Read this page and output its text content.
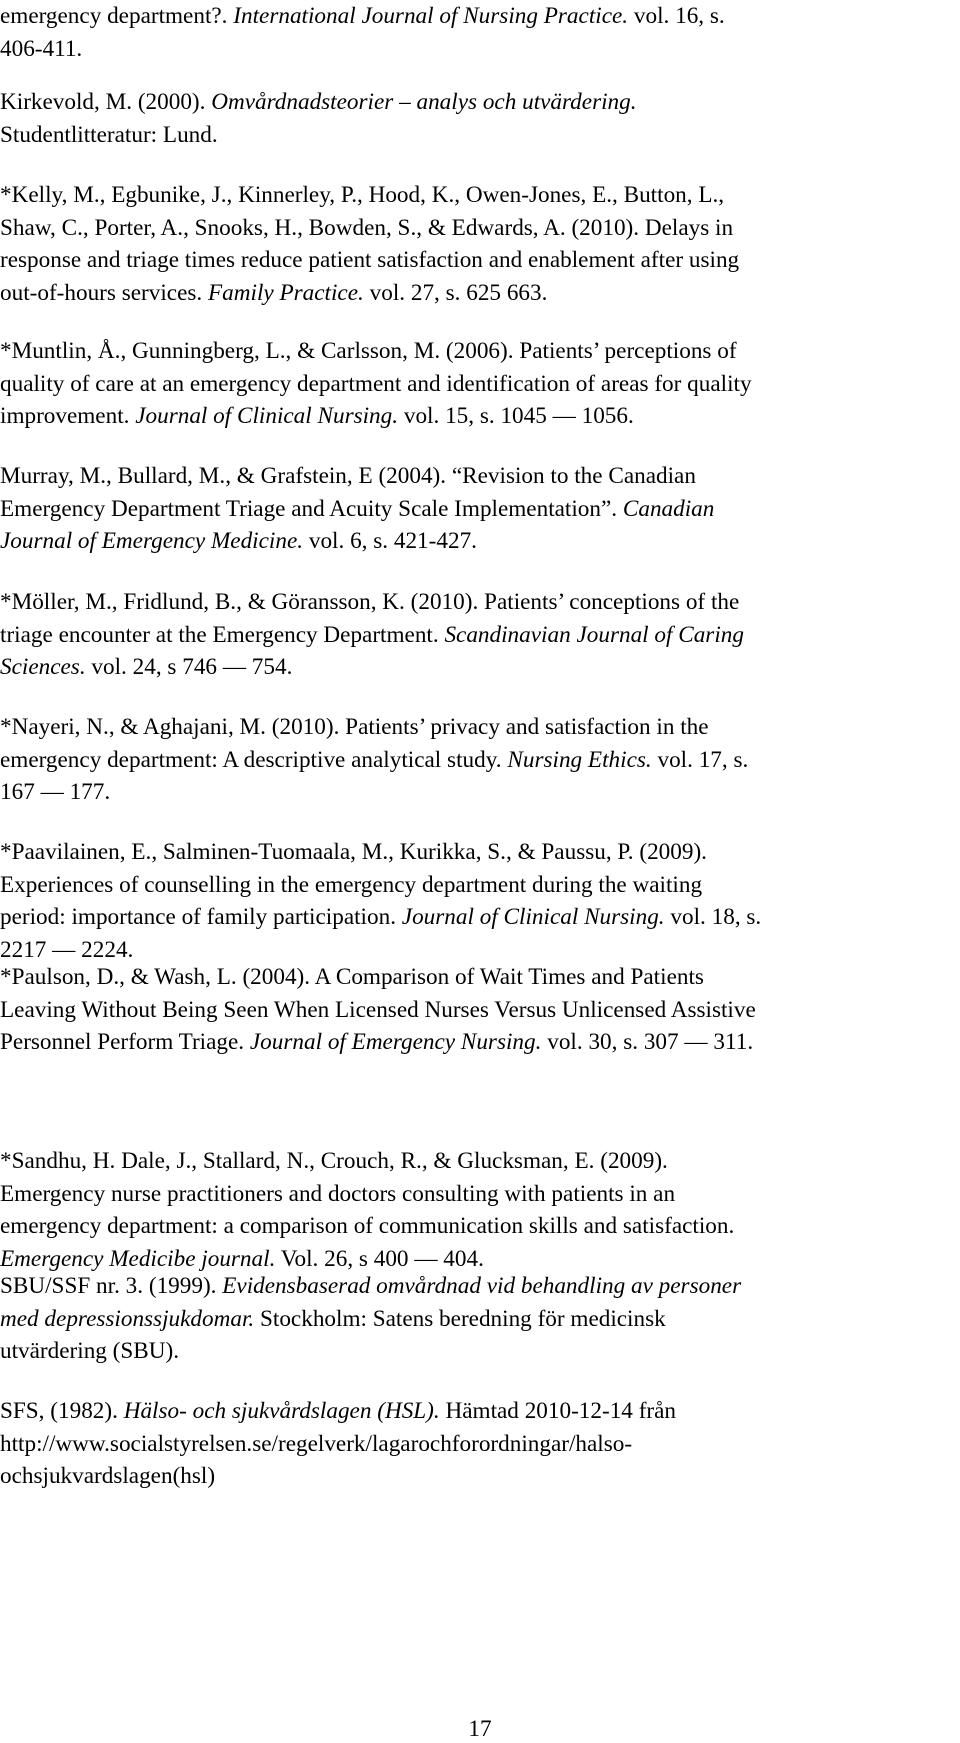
emergency department?. International Journal of Nursing Practice. vol. 16, s.
406-411.
Kirkevold, M. (2000). Omvårdnadsteorier – analys och utvärdering.
Studentlitteratur: Lund.
*Kelly, M., Egbunike, J., Kinnerley, P., Hood, K., Owen-Jones, E., Button, L.,
Shaw, C., Porter, A., Snooks, H., Bowden, S., & Edwards, A. (2010). Delays in
response and triage times reduce patient satisfaction and enablement after using
out-of-hours services. Family Practice. vol. 27, s. 625 663.
*Muntlin, Å., Gunningberg, L., & Carlsson, M. (2006). Patients’ perceptions of
quality of care at an emergency department and identification of areas for quality
improvement. Journal of Clinical Nursing. vol. 15, s. 1045 — 1056.
Murray, M., Bullard, M., & Grafstein, E (2004). “Revision to the Canadian
Emergency Department Triage and Acuity Scale Implementation”. Canadian
Journal of Emergency Medicine. vol. 6, s. 421-427.
*Möller, M., Fridlund, B., & Göransson, K. (2010). Patients’ conceptions of the
triage encounter at the Emergency Department. Scandinavian Journal of Caring
Sciences. vol. 24, s 746 — 754.
*Nayeri, N., & Aghajani, M. (2010). Patients’ privacy and satisfaction in the
emergency department: A descriptive analytical study. Nursing Ethics. vol. 17, s.
167 — 177.
*Paavilainen, E., Salminen-Tuomaala, M., Kurikka, S., & Paussu, P. (2009).
Experiences of counselling in the emergency department during the waiting
period: importance of family participation. Journal of Clinical Nursing. vol. 18, s.
2217 — 2224.
*Paulson, D., & Wash, L. (2004). A Comparison of Wait Times and Patients
Leaving Without Being Seen When Licensed Nurses Versus Unlicensed Assistive
Personnel Perform Triage. Journal of Emergency Nursing. vol. 30, s. 307 — 311.
*Sandhu, H. Dale, J., Stallard, N., Crouch, R., & Glucksman, E. (2009).
Emergency nurse practitioners and doctors consulting with patients in an
emergency department: a comparison of communication skills and satisfaction.
Emergency Medicibe journal. Vol. 26, s 400 — 404.
SBU/SSF nr. 3. (1999). Evidensbaserad omvårdnad vid behandling av personer
med depressionssjukdomar. Stockholm: Satens beredning för medicinsk
utvärdering (SBU).
SFS, (1982). Hälso- och sjukvårdslagen (HSL). Hämtad 2010-12-14 från
http://www.socialstyrelsen.se/regelverk/lagarochforordningar/halso-
ochsjukvardslagen(hsl)
17
